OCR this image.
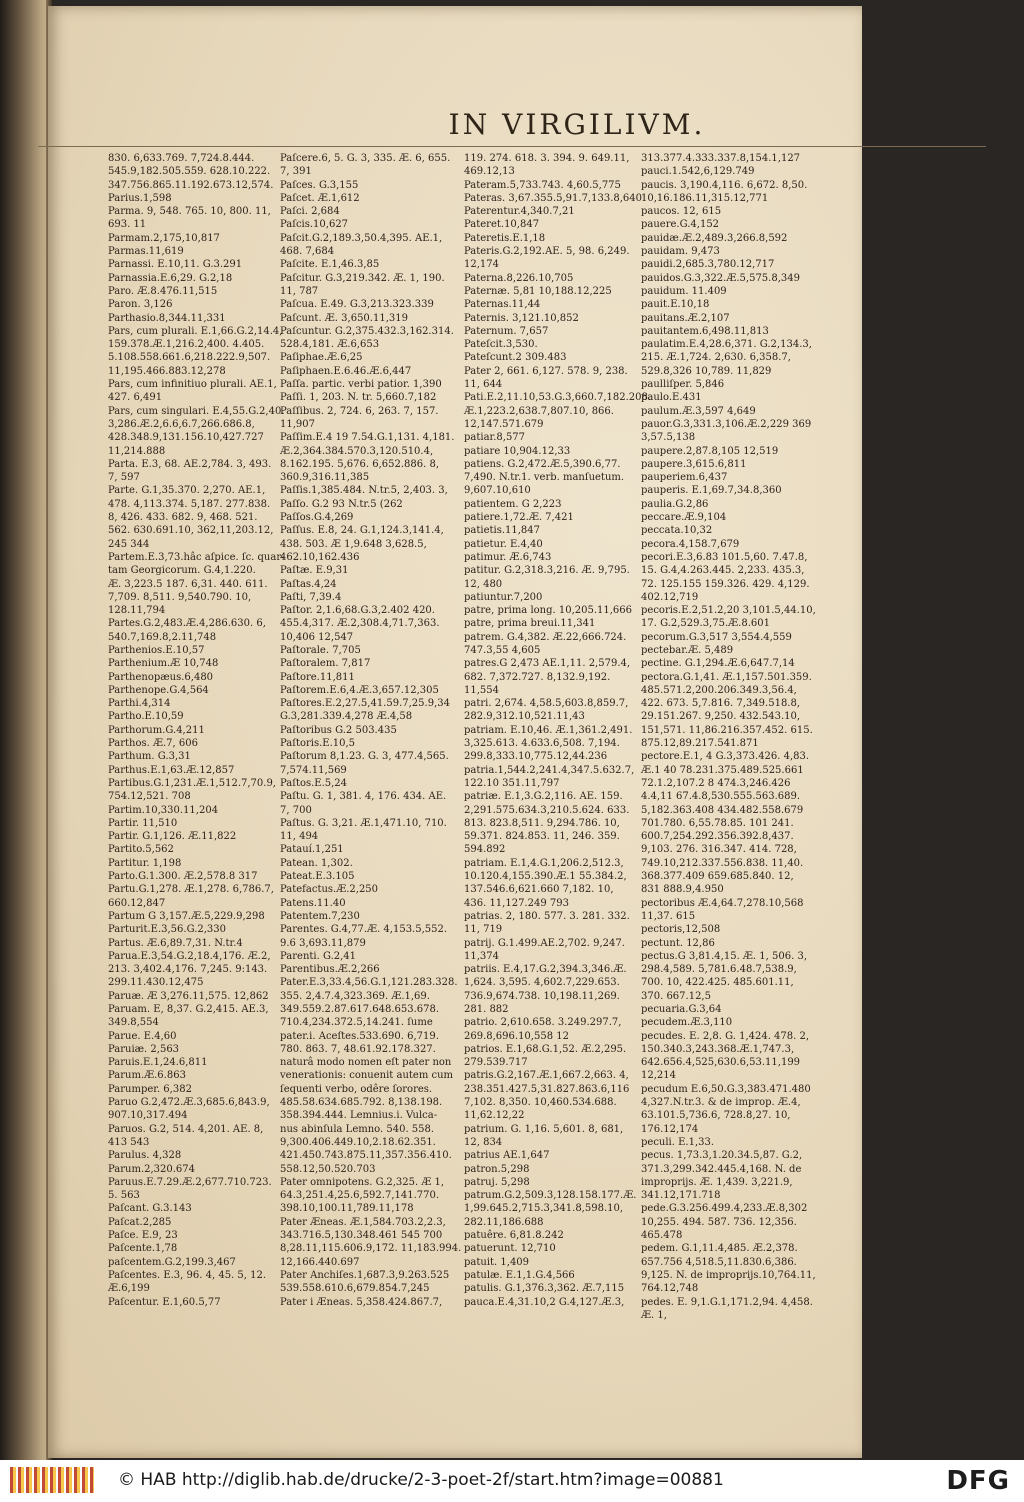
IN VIRGILIVM.
830. 6,633.769. 7,724.8.444.
545.9,182.505.559. 628.10.222.
347.756.865.11.192.673.12,574.
Parius.1,598
Parma. 9, 548. 765. 10, 800. 11,
693. 11
Parmam.2,175,10,817
Parmas.11,619
Parnassi. E.10,11. G.3.291
Parnassia.E.6,29. G.2,18
Paro. Æ.8.476.11,515
Paron. 3,126
Parthasio.8,344.11,331
Pars, cum plurali. E.1,66.G.2,14.4,
159.378.Æ.1,216.2,400. 4.405.
5.108.558.661.6,218.222.9,507.
11,195.466.883.12,278
Pars, cum infinitiuo plurali. AE.1,
427. 6,491
Pars, cum singulari. E.4,55.G.2,40.
3,286.Æ.2,6.6,6.7,266.686.8,
428.348.9,131.156.10,427.727
11,214.888
Parta. E.3, 68. AE.2,784. 3, 493.
7, 597
Parte. G.1,35.370. 2,270. AE.1,
478. 4,113.374. 5,187. 277.838.
8, 426. 433. 682. 9, 468. 521.
562. 630.691.10, 362,11,203.12,
245 344
Partem.E.3,73.hâc aſpice. ſc. quar-
tam Georgicorum. G.4,1.220.
Æ. 3,223.5 187. 6,31. 440. 611.
7,709. 8,511. 9,540.790. 10,
128.11,794
Partes.G.2,483.Æ.4,286.630. 6,
540.7,169.8,2.11,748
Parthenios.E.10,57
Parthenium.Æ 10,748
Parthenopæus.6,480
Parthenope.G.4,564
Parthi.4,314
Partho.E.10,59
Parthorum.G.4,211
Parthos. Æ.7, 606
Parthum. G.3,31
Parthus.E.1,63.Æ.12,857
Partibus.G.1,231.Æ.1,512.7,70.9,
754.12,521. 708
Partim.10,330.11,204
Partir. 11,510
Partir. G.1,126. Æ.11,822
Partito.5,562
Partitur. 1,198
Parto.G.1.300. Æ.2,578.8 317
Partu.G.1,278. Æ.1,278. 6,786.7,
660.12,847
Partum G 3,157.Æ.5,229.9,298
Parturit.E.3,56.G.2,330
Partus. Æ.6,89.7,31. N.tr.4
Parua.E.3,54.G.2,18.4,176. Æ.2,
213. 3,402.4,176. 7,245. 9:143.
299.11.430.12,475
Paruæ. Æ 3,276.11,575. 12,862
Paruam. E, 8,37. G.2,415. AE.3,
349.8,554
Parue. E.4,60
Paruiæ. 2,563
Paruis.E.1,24.6,811
Parum.Æ.6.863
Parumper. 6,382
Paruo G.2,472.Æ.3,685.6,843.9,
907.10,317.494
Paruos. G.2, 514. 4,201. AE. 8,
413 543
Parulus. 4,328
Parum.2,320.674
Paruus.E.7.29.Æ.2,677.710.723.
5. 563
Paſcant. G.3.143
Paſcat.2,285
Paſce. E.9, 23
Paſcente.1,78
paſcentem.G.2,199.3,467
Paſcentes. E.3, 96. 4, 45. 5, 12.
Æ.6,199
Paſcentur. E.1,60.5,77
Paſcere.6, 5. G. 3, 335. Æ. 6, 655.
7, 391
Paſces. G.3,155
Paſcet. Æ.1,612
Paſci. 2,684
Paſcis.10,627
Paſcit.G.2,189.3,50.4,395. AE.1,
468. 7,684
Paſcite. E.1,46.3,85
Paſcitur. G.3,219.342. Æ. 1, 190.
11, 787
Paſcua. E.49. G.3,213.323.339
Paſcunt. Æ. 3,650.11,319
Paſcuntur. G.2,375.432.3,162.314.
528.4,181. Æ.6,653
Paſiphae.Æ.6,25
Paſiphaen.E.6.46.Æ.6,447
Paſſa. partic. verbi patior. 1,390
Paſſi. 1, 203. N. tr. 5,660.7,182
Paſſibus. 2, 724. 6, 263. 7, 157.
11,907
Paſſim.E.4 19 7.54.G.1,131. 4,181.
Æ.2,364.384.570.3,120.510.4,
8.162.195. 5,676. 6,652.886. 8,
360.9,316.11,385
Paſſis.1,385.484. N.tr.5, 2,403. 3,
Paſſo. G.2 93 N.tr.5 (262
Paſſos.G.4,269
Paſſus. E.8, 24. G.1,124.3,141.4,
438. 503. Æ 1,9.648 3,628.5,
462.10,162.436
Paſtæ. E.9,31
Paſtas.4,24
Paſti, 7,39.4
Paſtor. 2,1.6,68.G.3,2.402 420.
455.4,317. Æ.2,308.4,71.7,363.
10,406 12,547
Paſtorale. 7,705
Paſtoralem. 7,817
Paſtore.11,811
Paſtorem.E.6,4.Æ.3,657.12,305
Paſtores.E.2,27.5,41.59.7,25.9,34
G.3,281.339.4,278 Æ.4,58
Paſtoribus G.2 503.435
Paſtoris.E.10,5
Paſtorum 8,1.23. G. 3, 477.4,565.
7,574.11,569
Paſtos.E.5,24
Paſtu. G. 1, 381. 4, 176. 434. AE.
7, 700
Paſtus. G. 3,21. Æ.1,471.10, 710.
11, 494
Patauí.1,251
Patean. 1,302.
Pateat.E.3.105
Patefactus.Æ.2,250
Patens.11.40
Patentem.7,230
Parentes. G.4,77.Æ. 4,153.5,552.
9.6 3,693.11,879
Parenti. G.2,41
Parentibus.Æ.2,266
Pater.E.3,33.4,56.G.1,121.283.328.
355. 2,4.7.4,323.369. Æ.1,69.
349.559.2.87.617.648.653.678.
710.4,234.372.5,14.241. ſume
pater.i. Aceſtes.533.690. 6,719.
780. 863. 7, 48.61.92.178.327.
naturâ modo nomen eſt pater non
venerationis: conuenit autem cum
ſequenti verbo, odêre ſorores.
485.58.634.685.792. 8,138.198.
358.394.444. Lemnius.i. Vulca-
nus abinſula Lemno. 540. 558.
9,300.406.449.10,2.18.62.351.
421.450.743.875.11,357.356.410.
558.12,50.520.703
Pater omnipotens. G.2,325. Æ 1,
64.3,251.4,25.6,592.7,141.770.
398.10,100.11,789.11,178
Pater Æneas. Æ.1,584.703.2,2.3,
343.716.5,130.348.461 545 700
8,28.11,115.606.9,172. 11,183.994.
12,166.440.697
Pater Anchiſes.1,687.3,9.263.525
539.558.610.6,679.854.7,245
Pater i Æneas. 5,358.424.867.7,
119. 274. 618. 3. 394. 9. 649.11,
469.12,13
Pateram.5,733.743. 4,60.5,775
Pateras. 3,67.355.5,91.7,133.8,640
Paterentur.4,340.7,21
Pateret.10,847
Pateretis.E.1,18
Pateris.G.2,192.AE. 5, 98. 6,249.
12,174
Paterna.8,226.10,705
Paternæ. 5,81 10,188.12,225
Paternas.11,44
Paternis. 3,121.10,852
Paternum. 7,657
Pateſcit.3,530.
Pateſcunt.2 309.483
Pater 2, 661. 6,127. 578. 9, 238.
11, 644
Pati.E.2,11.10,53.G.3,660.7,182.208.
Æ.1,223.2,638.7,807.10, 866.
12,147.571.679
patiar.8,577
patiare 10,904.12,33
patiens. G.2,472.Æ.5,390.6,77.
7,490. N.tr.1. verb. manſuetum.
9,607.10,610
patientem. G 2,223
patiere.1,72.Æ. 7,421
patietis.11,847
patietur. E.4,40
patimur. Æ.6,743
patitur. G.2,318.3,216. Æ. 9,795.
12, 480
patiuntur.7,200
patre, prima long. 10,205.11,666
patre, prima breui.11,341
patrem. G.4,382. Æ.22,666.724.
747.3,55 4,605
patres.G 2,473 AE.1,11. 2,579.4,
682. 7,372.727. 8,132.9,192.
11,554
patri. 2,674. 4,58.5,603.8,859.7,
282.9,312.10,521.11,43
patriam. E.10,46. Æ.1,361.2,491.
3,325.613. 4.633.6,508. 7,194.
299.8,333.10,775.12,44.236
patria.1,544.2,241.4,347.5.632.7,
122.10 351.11,797
patriæ. E.1,3.G.2,116. AE. 159.
2,291.575.634.3,210.5.624. 633.
813. 823.8,511. 9,294.786. 10,
59.371. 824.853. 11, 246. 359.
594.892
patriam. E.1,4.G.1,206.2,512.3,
10.120.4,155.390.Æ.1 55.384.2,
137.546.6,621.660 7,182. 10,
436. 11,127.249 793
patrias. 2, 180. 577. 3. 281. 332.
11, 719
patrij. G.1.499.AE.2,702. 9,247.
11,374
patriis. E.4,17.G.2,394.3,346.Æ.
1,624. 3,595. 4,602.7,229.653.
736.9,674.738. 10,198.11,269.
281. 882
patrio. 2,610.658. 3.249.297.7,
269.8,696.10,558 12
patrios. E.1,68.G.1,52. Æ.2,295.
279.539.717
patris.G.2,167.Æ.1,667.2,663. 4,
238.351.427.5,31.827.863.6,116
7,102. 8,350. 10,460.534.688.
11,62.12,22
patrium. G. 1,16. 5,601. 8, 681,
12, 834
patrius AE.1,647
patron.5,298
patruj. 5,298
patrum.G.2,509.3,128.158.177.Æ.
1,99.645.2,715.3,341.8,598.10,
282.11,186.688
patuêre. 6,81.8.242
patuerunt. 12,710
patuit. 1,409
patulæ. E.1,1.G.4,566
patulis. G.1,376.3,362. Æ.7,115
pauca.E.4,31.10,2 G.4,127.Æ.3,
313.377.4.333.337.8,154.1,127
pauci.1.542,6,129.749
paucis. 3,190.4,116. 6,672. 8,50.
10,16.186.11,315.12,771
paucos. 12, 615
pauere.G.4,152
pauidæ.Æ.2,489.3,266.8,592
pauidam. 9,473
pauidi.2,685.3,780.12,717
pauidos.G.3,322.Æ.5,575.8,349
pauidum. 11.409
pauit.E.10,18
pauitans.Æ.2,107
pauitantem.6,498.11,813
paulatim.E.4,28.6,371. G.2,134.3,
215. Æ.1,724. 2,630. 6,358.7,
529.8,326 10,789. 11,829
paulliſper. 5,846
paulo.E.431
paulum.Æ.3,597 4,649
pauor.G.3,331.3,106.Æ.2,229 369
3,57.5,138
paupere.2,87.8,105 12,519
paupere.3,615.6,811
pauperiem.6,437
pauperis. E.1,69.7,34.8,360
paulia.G.2,86
peccare.Æ.9,104
peccata.10,32
pecora.4,158.7,679
pecori.E.3,6.83 101.5,60. 7.47.8,
15. G.4,4.263.445. 2,233. 435.3,
72. 125.155 159.326. 429. 4,129.
402.12,719
pecoris.E.2,51.2,20 3,101.5,44.10,
17. G.2,529.3,75.Æ.8.601
pecorum.G.3,517 3,554.4,559
pectebar.Æ. 5,489
pectine. G.1,294.Æ.6,647.7,14
pectora.G.1,41. Æ.1,157.501.359.
485.571.2,200.206.349.3,56.4,
422. 673. 5,7.816. 7,349.518.8,
29.151.267. 9,250. 432.543.10,
151,571. 11,86.216.357.452. 615.
875.12,89.217.541.871
pectore.E.1, 4 G.3,373.426. 4,83.
Æ.1 40 78.231.375.489.525.661
72.1.2,107.2 8 474.3,246.426
4.4,11 67.4.8,530.555.563.689.
5,182.363.408 434.482.558.679
701.780. 6,55.78.85. 101 241.
600.7,254.292.356.392.8,437.
9,103. 276. 316.347. 414. 728,
749.10,212.337.556.838. 11,40.
368.377.409 659.685.840. 12,
831 888.9,4.950
pectoribus Æ.4,64.7,278.10,568
11,37. 615
pectoris,12,508
pectunt. 12,86
pectus.G 3,81.4,15. Æ. 1, 506. 3,
298.4,589. 5,781.6.48.7,538.9,
700. 10, 422.425. 485.601.11,
370. 667.12,5
pecuaria.G.3,64
pecudem.Æ.3,110
pecudes. E. 2,8. G. 1,424. 478. 2,
150.340.3,243.368.Æ.1,747.3,
642.656.4,525,630.6,53.11,199
12,214
pecudum E.6,50.G.3,383.471.480
4,327.N.tr.3. & de improp. Æ.4,
63.101.5,736.6, 728.8,27. 10,
176.12,174
peculi. E.1,33.
pecus. 1,73.3,1.20.34.5,87. G.2,
371.3,299.342.445.4,168. N. de
improprijs. Æ. 1,439. 3,221.9,
341.12,171.718
pede.G.3.256.499.4,233.Æ.8,302
10,255. 494. 587. 736. 12,356.
465.478
pedem. G.1,11.4,485. Æ.2,378.
657.756 4,518.5,11.830.6,386.
9,125. N. de improprijs.10,764.11,
764.12,748
pedes. E. 9,1.G.1,171.2,94. 4,458.
Æ. 1,
© HAB http://diglib.hab.de/drucke/2-3-poet-2f/start.htm?image=00881	DFG
